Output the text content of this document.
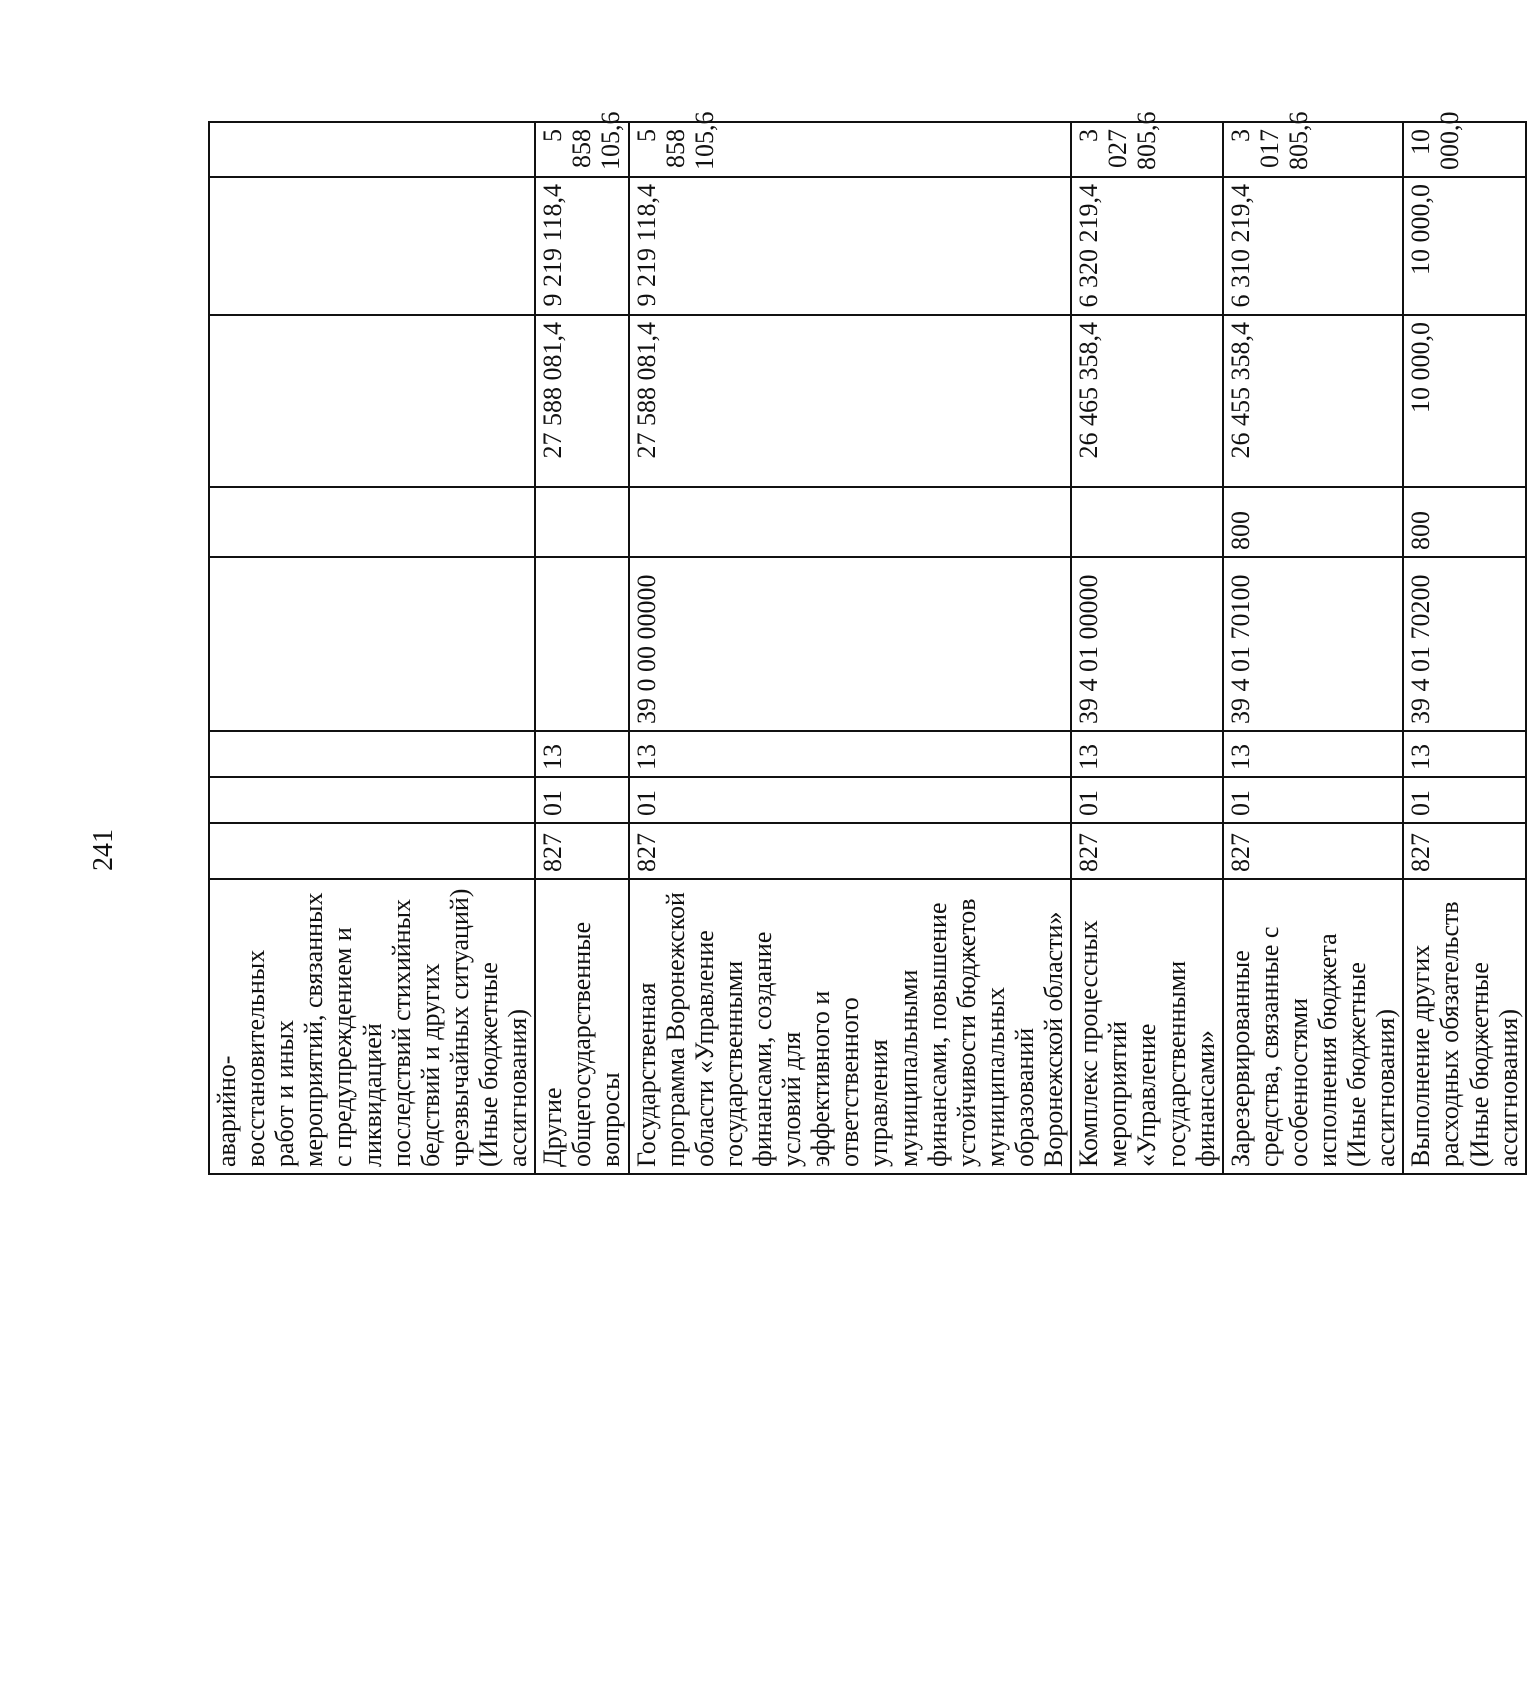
241
аварийно-восстановительных работ и иных мероприятий, связанных с предупреждением и ликвидацией последствий стихийных бедствий и других чрезвычайных ситуаций) (Иные бюджетные ассигнования)								
Другие общегосударственные вопросы	827	01	13			27 588 081,4	9 219 118,4	5 858 105,6
Государственная программа Воронежской области «Управление государственными финансами, создание условий для эффективного и ответственного управления муниципальными финансами, повышение устойчивости бюджетов муниципальных образований Воронежской области»	827	01	13	39 0 00 00000		27 588 081,4	9 219 118,4	5 858 105,6
Комплекс процессных мероприятий «Управление государственными финансами»	827	01	13	39 4 01 00000		26 465 358,4	6 320 219,4	3 027 805,6
Зарезервированные средства, связанные с особенностями исполнения бюджета (Иные бюджетные ассигнования)	827	01	13	39 4 01 70100	800	26 455 358,4	6 310 219,4	3 017 805,6
Выполнение других расходных обязательств (Иные бюджетные ассигнования)	827	01	13	39 4 01 70200	800	10 000,0	10 000,0	10 000,0
